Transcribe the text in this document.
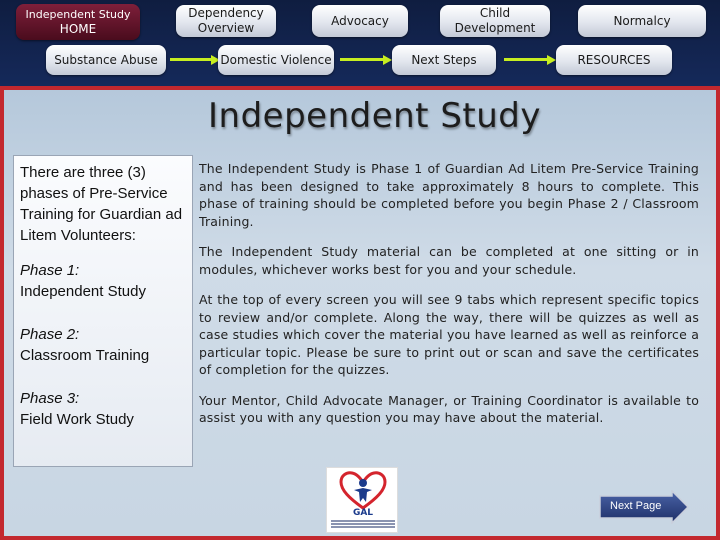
Independent Study
HOME
Dependency Overview
Advocacy
Child Development
Normalcy
Substance Abuse	Domestic Violence	Next Steps	RESOURCES
Independent Study
There are three (3) phases of Pre-Service Training for Guardian ad Litem Volunteers:
Phase 1:
Independent Study
Phase 2:
Classroom Training
Phase 3:
Field Work Study

The Independent Study is Phase 1 of Guardian Ad Litem Pre-Service Training and has been designed to take approximately 8 hours to complete. This phase of training should be completed before you begin Phase 2 / Classroom Training.

The Independent Study material can be completed at one sitting or in modules, whichever works best for you and your schedule.

At the top of every screen you will see 9 tabs which represent specific topics to review and/or complete. Along the way, there will be quizzes as well as case studies which cover the material you have learned as well as reinforce a particular topic. Please be sure to print out or scan and save the certificates of completion for the quizzes.

Your Mentor, Child Advocate Manager, or Training Coordinator is available to assist you with any question you may have about the material.

GAL
Next Page
